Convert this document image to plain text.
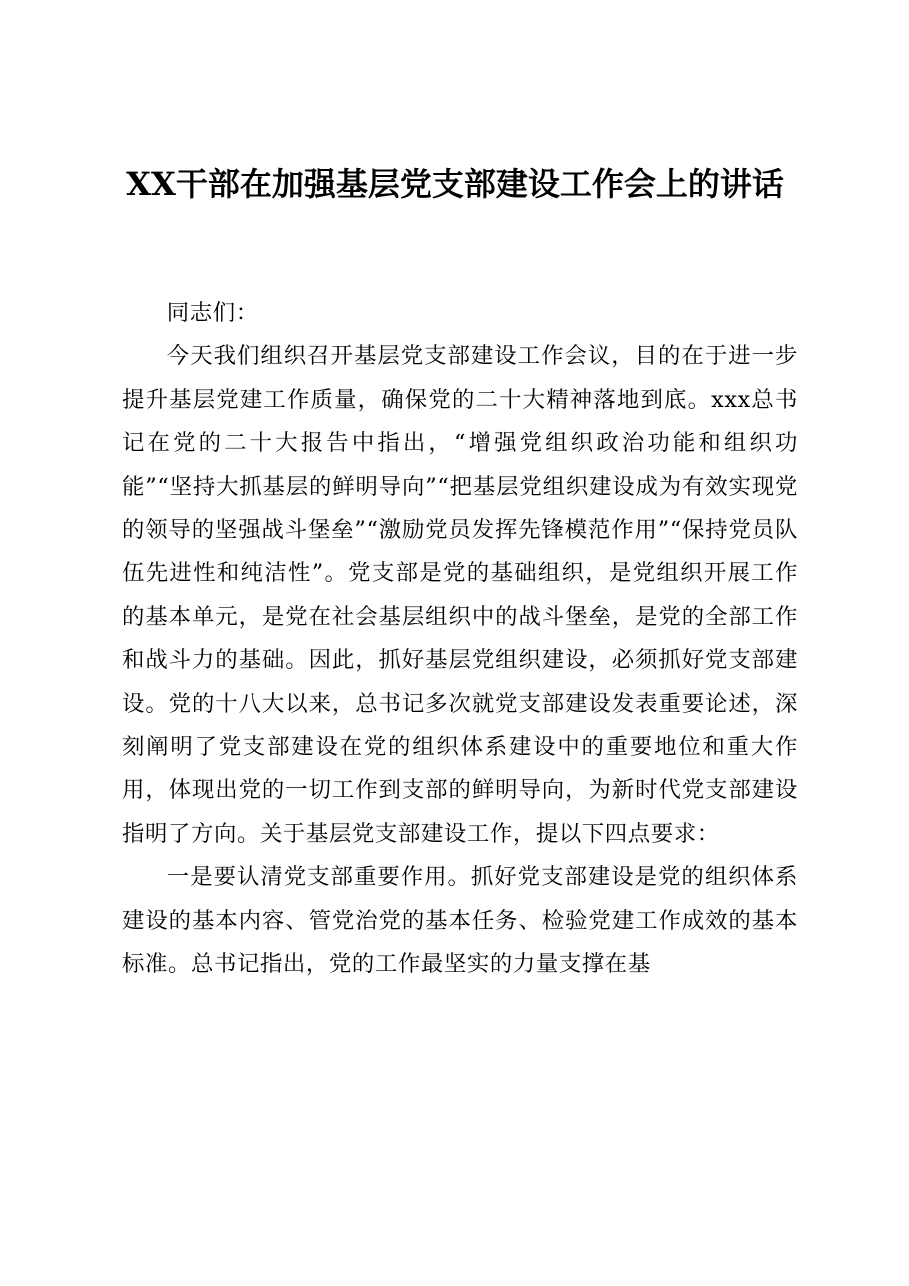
XX干部在加强基层党支部建设工作会上的讲话

同志们：

今天我们组织召开基层党支部建设工作会议，目的在于进一步提升基层党建工作质量，确保党的二十大精神落地到底。xxx总书记在党的二十大报告中指出，“增强党组织政治功能和组织功能”“坚持大抓基层的鲜明导向”“把基层党组织建设成为有效实现党的领导的坚强战斗堡垒”“激励党员发挥先锋模范作用”“保持党员队伍先进性和纯洁性”。党支部是党的基础组织，是党组织开展工作的基本单元，是党在社会基层组织中的战斗堡垒，是党的全部工作和战斗力的基础。因此，抓好基层党组织建设，必须抓好党支部建设。党的十八大以来，总书记多次就党支部建设发表重要论述，深刻阐明了党支部建设在党的组织体系建设中的重要地位和重大作用，体现出党的一切工作到支部的鲜明导向，为新时代党支部建设指明了方向。关于基层党支部建设工作，提以下四点要求：

一是要认清党支部重要作用。抓好党支部建设是党的组织体系建设的基本内容、管党治党的基本任务、检验党建工作成效的基本标准。总书记指出，党的工作最坚实的力量支撑在基
